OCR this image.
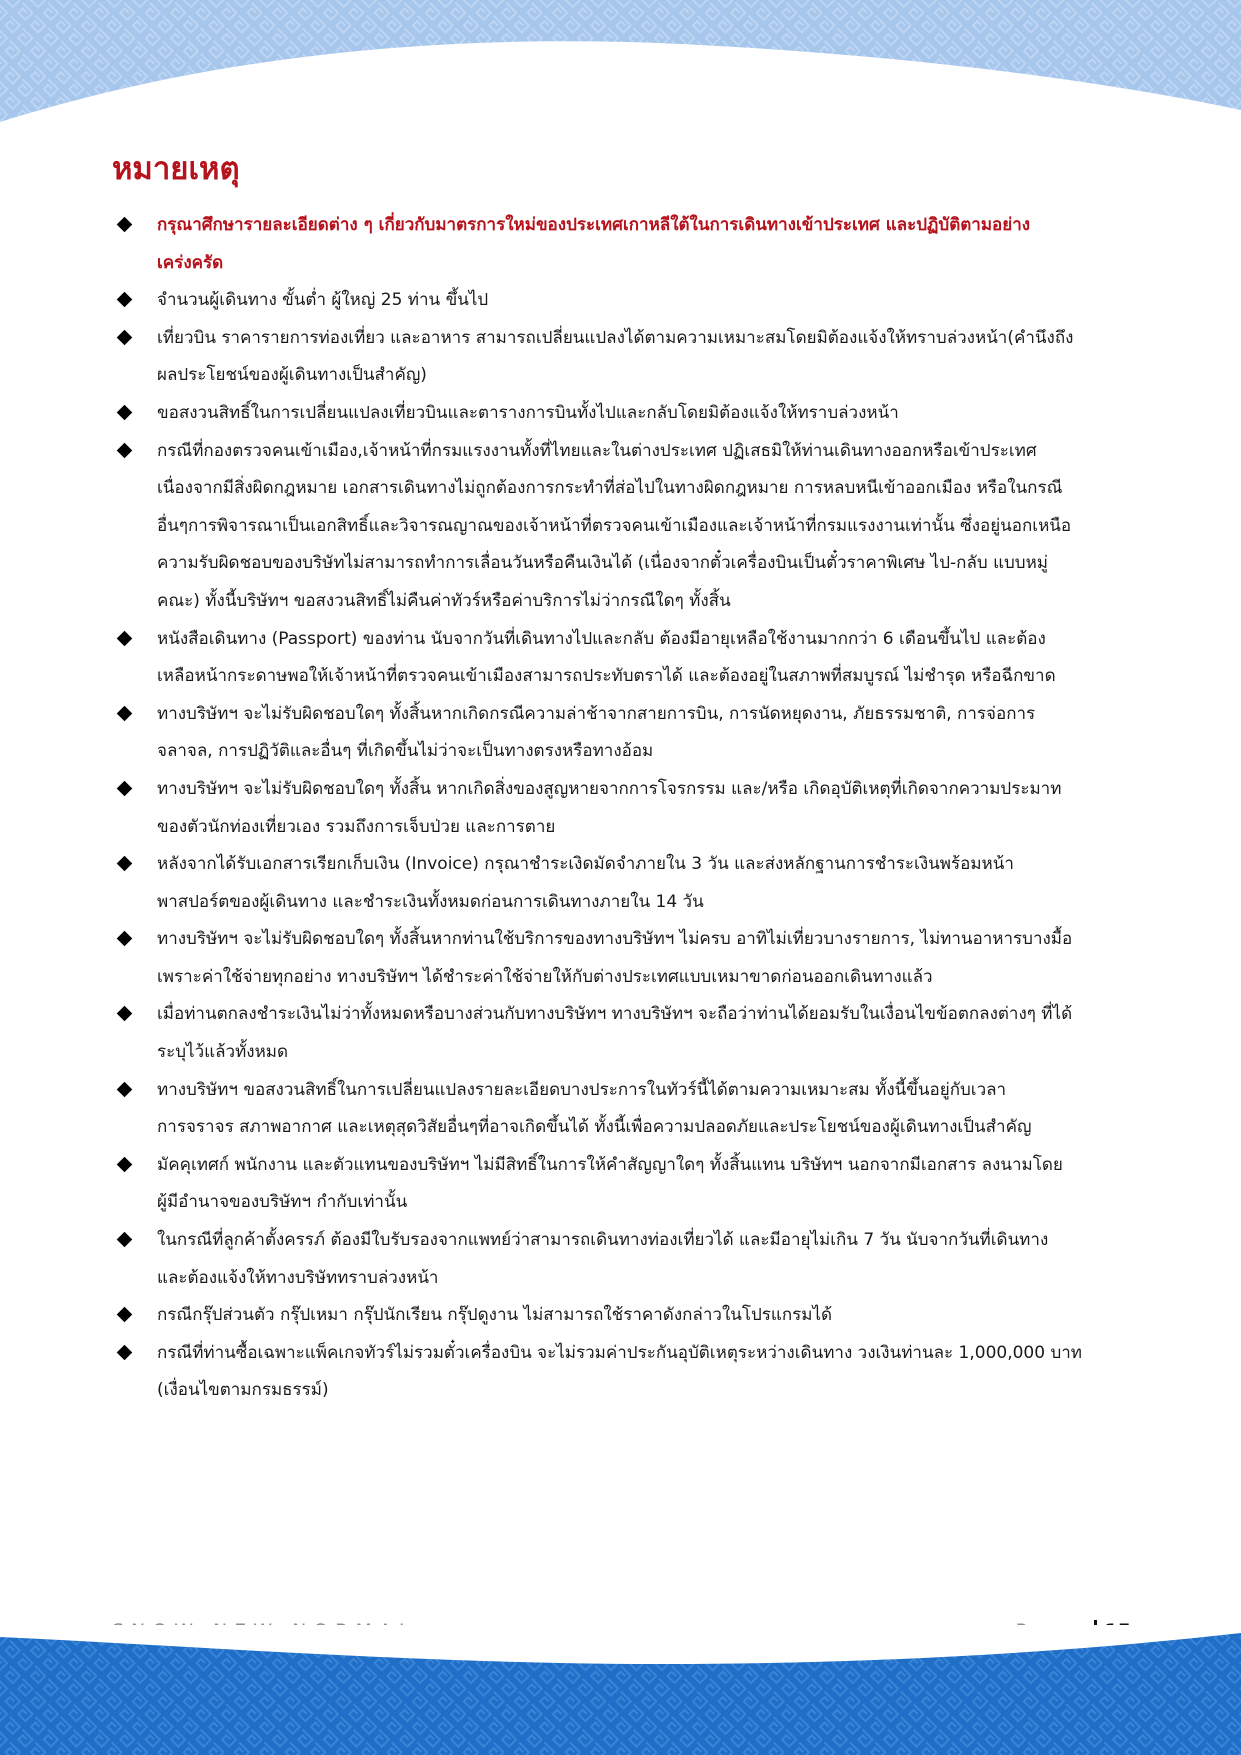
หมายเหตุ
กรุณาศึกษารายละเอียดต่าง ๆ เกี่ยวกับมาตรการใหม่ของประเทศเกาหลีใต้ในการเดินทางเข้าประเทศ และปฏิบัติตามอย่าง
เคร่งครัด
จำนวนผู้เดินทาง ขั้นต่ำ ผู้ใหญ่ 25 ท่าน ขึ้นไป
เที่ยวบิน ราคารายการท่องเที่ยว และอาหาร สามารถเปลี่ยนแปลงได้ตามความเหมาะสมโดยมิต้องแจ้งให้ทราบล่วงหน้า(คำนึงถึง
ผลประโยชน์ของผู้เดินทางเป็นสำคัญ)
ขอสงวนสิทธิ์ในการเปลี่ยนแปลงเที่ยวบินและตารางการบินทั้งไปและกลับโดยมิต้องแจ้งให้ทราบล่วงหน้า
กรณีที่กองตรวจคนเข้าเมือง,เจ้าหน้าที่กรมแรงงานทั้งที่ไทยและในต่างประเทศ ปฏิเสธมิให้ท่านเดินทางออกหรือเข้าประเทศ
เนื่องจากมีสิ่งผิดกฎหมาย เอกสารเดินทางไม่ถูกต้องการกระทำที่ส่อไปในทางผิดกฎหมาย การหลบหนีเข้าออกเมือง หรือในกรณี
อื่นๆการพิจารณาเป็นเอกสิทธิ์และวิจารณญาณของเจ้าหน้าที่ตรวจคนเข้าเมืองและเจ้าหน้าที่กรมแรงงานเท่านั้น ซึ่งอยู่นอกเหนือ
ความรับผิดชอบของบริษัทไม่สามารถทำการเลื่อนวันหรือคืนเงินได้ (เนื่องจากตั๋วเครื่องบินเป็นตั๋วราคาพิเศษ ไป-กลับ แบบหมู่
คณะ) ทั้งนี้บริษัทฯ ขอสงวนสิทธิ์ไม่คืนค่าทัวร์หรือค่าบริการไม่ว่ากรณีใดๆ ทั้งสิ้น
หนังสือเดินทาง (Passport) ของท่าน นับจากวันที่เดินทางไปและกลับ ต้องมีอายุเหลือใช้งานมากกว่า 6 เดือนขึ้นไป และต้อง
เหลือหน้ากระดาษพอให้เจ้าหน้าที่ตรวจคนเข้าเมืองสามารถประทับตราได้ และต้องอยู่ในสภาพที่สมบูรณ์ ไม่ชำรุด หรือฉีกขาด
ทางบริษัทฯ จะไม่รับผิดชอบใดๆ ทั้งสิ้นหากเกิดกรณีความล่าช้าจากสายการบิน, การนัดหยุดงาน, ภัยธรรมชาติ, การจ่อการ
จลาจล, การปฏิวัติและอื่นๆ ที่เกิดขึ้นไม่ว่าจะเป็นทางตรงหรือทางอ้อม
ทางบริษัทฯ จะไม่รับผิดชอบใดๆ ทั้งสิ้น หากเกิดสิ่งของสูญหายจากการโจรกรรม และ/หรือ เกิดอุบัติเหตุที่เกิดจากความประมาท
ของตัวนักท่องเที่ยวเอง รวมถึงการเจ็บป่วย และการตาย
หลังจากได้รับเอกสารเรียกเก็บเงิน (Invoice) กรุณาชำระเงิดมัดจำภายใน 3 วัน และส่งหลักฐานการชำระเงินพร้อมหน้า
พาสปอร์ตของผู้เดินทาง และชำระเงินทั้งหมดก่อนการเดินทางภายใน 14 วัน
ทางบริษัทฯ จะไม่รับผิดชอบใดๆ ทั้งสิ้นหากท่านใช้บริการของทางบริษัทฯ ไม่ครบ อาทิไม่เที่ยวบางรายการ, ไม่ทานอาหารบางมื้อ
เพราะค่าใช้จ่ายทุกอย่าง ทางบริษัทฯ ได้ชำระค่าใช้จ่ายให้กับต่างประเทศแบบเหมาขาดก่อนออกเดินทางแล้ว
เมื่อท่านตกลงชำระเงินไม่ว่าทั้งหมดหรือบางส่วนกับทางบริษัทฯ ทางบริษัทฯ จะถือว่าท่านได้ยอมรับในเงื่อนไขข้อตกลงต่างๆ ที่ได้
ระบุไว้แล้วทั้งหมด
ทางบริษัทฯ ขอสงวนสิทธิ์ในการเปลี่ยนแปลงรายละเอียดบางประการในทัวร์นี้ได้ตามความเหมาะสม ทั้งนี้ขึ้นอยู่กับเวลา
การจราจร สภาพอากาศ และเหตุสุดวิสัยอื่นๆที่อาจเกิดขึ้นได้ ทั้งนี้เพื่อความปลอดภัยและประโยชน์ของผู้เดินทางเป็นสำคัญ
มัคคุเทศก์ พนักงาน และตัวแทนของบริษัทฯ ไม่มีสิทธิ์ในการให้คำสัญญาใดๆ ทั้งสิ้นแทน บริษัทฯ นอกจากมีเอกสาร ลงนามโดย
ผู้มีอำนาจของบริษัทฯ กำกับเท่านั้น
ในกรณีที่ลูกค้าตั้งครรภ์ ต้องมีใบรับรองจากแพทย์ว่าสามารถเดินทางท่องเที่ยวได้ และมีอายุไม่เกิน 7 วัน นับจากวันที่เดินทาง
และต้องแจ้งให้ทางบริษัททราบล่วงหน้า
กรณีกรุ๊ปส่วนตัว กรุ๊ปเหมา กรุ๊ปนักเรียน กรุ๊ปดูงาน ไม่สามารถใช้ราคาดังกล่าวในโปรแกรมได้
กรณีที่ท่านซื้อเฉพาะแพ็คเกจทัวร์ไม่รวมตั๋วเครื่องบิน จะไม่รวมค่าประกันอุบัติเหตุระหว่างเดินทาง วงเงินท่านละ 1,000,000 บาท
(เงื่อนไขตามกรมธรรม์)
